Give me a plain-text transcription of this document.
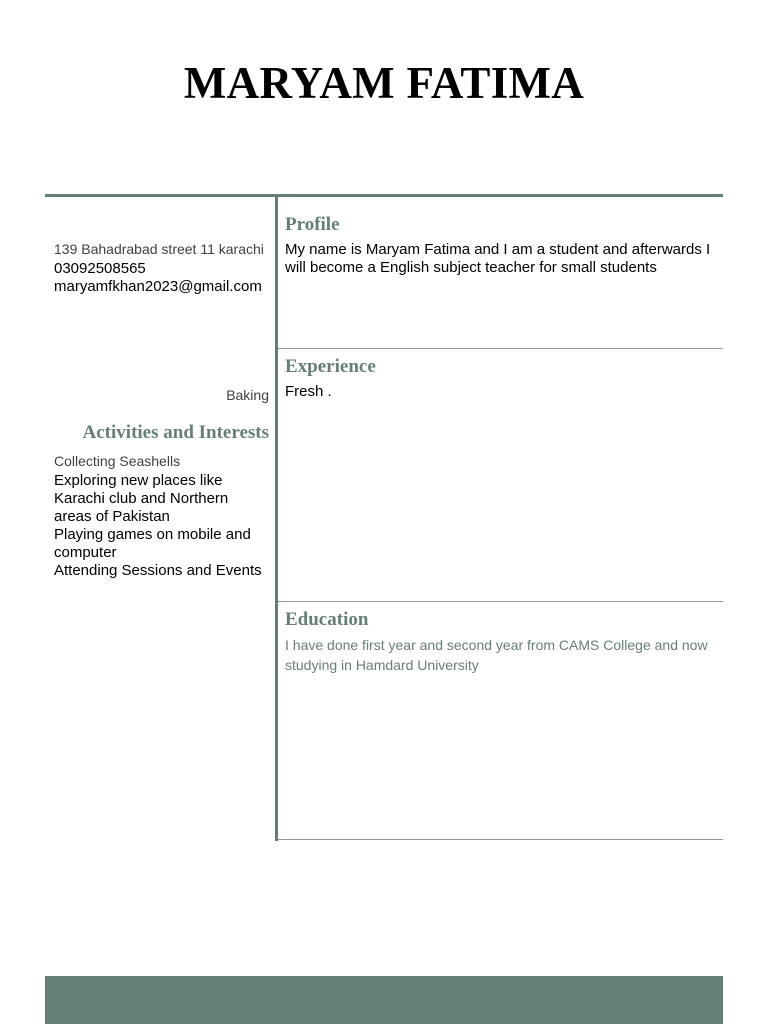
MARYAM FATIMA
139 Bahadrabad street 11 karachi
03092508565
maryamfkhan2023@gmail.com
Baking
Activities and Interests
Collecting Seashells
Exploring new places like Karachi club and Northern areas of Pakistan
Playing games on mobile and computer
Attending Sessions and Events
Profile

My name is Maryam Fatima and I am a student and afterwards I will become a English subject teacher for small students

Experience

Fresh .

Education

I have done first year and second year from CAMS College and now studying in Hamdard University
